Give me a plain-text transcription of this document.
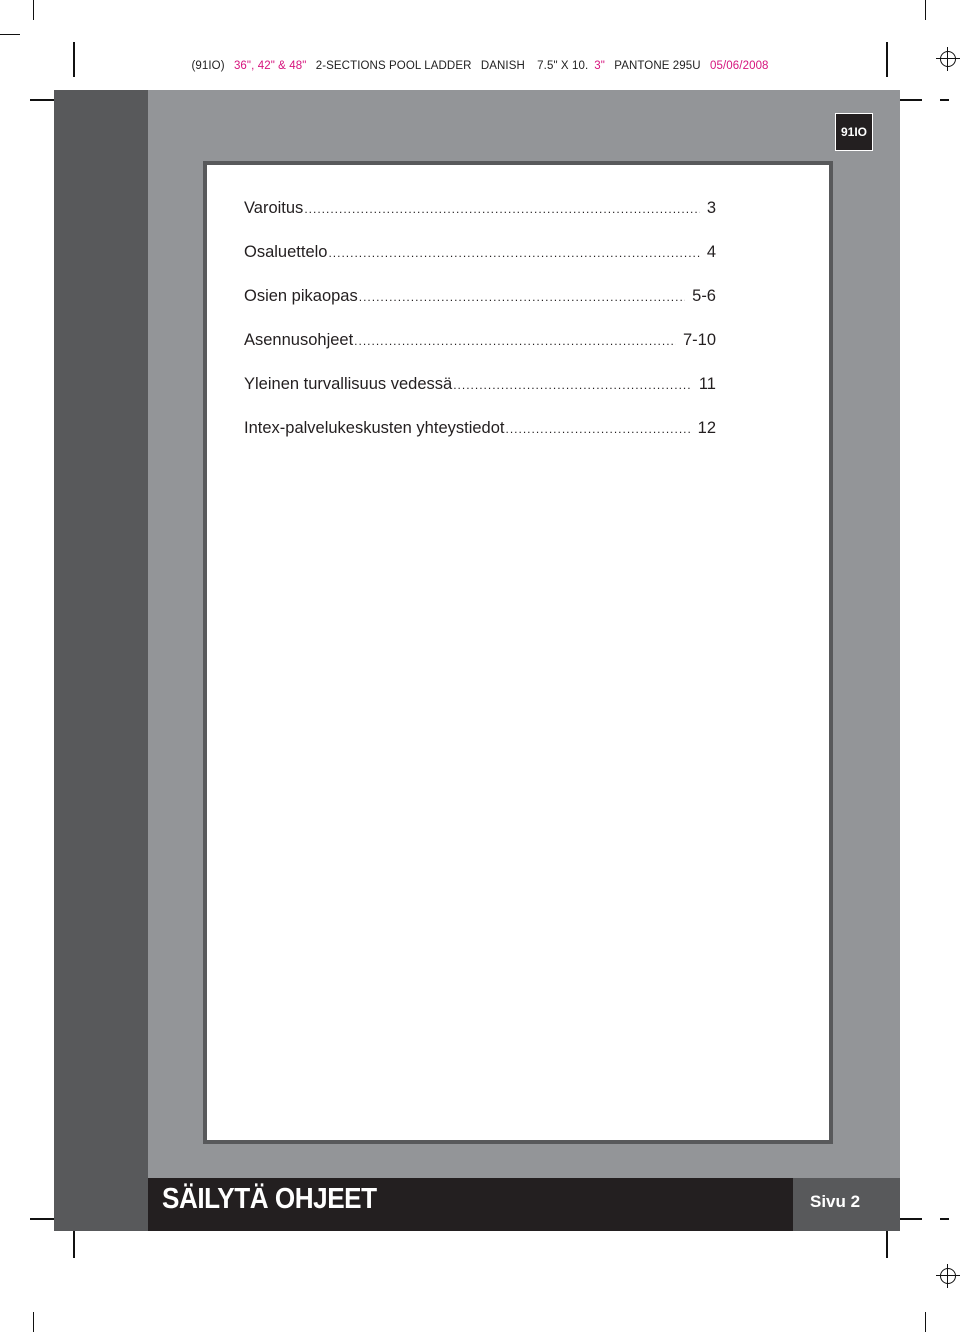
(91IO) 36", 42" & 48" 2-SECTIONS POOL LADDER DANISH 7.5" X 10. 3" PANTONE 295U 05/06/2008
91IO
Varoitus .....	3
Osaluettelo .....	4
Osien pikaopas .....	5-6
Asennusohjeet .....	7-10
Yleinen turvallisuus vedessä .....	11
Intex-palvelukeskusten yhteystiedot .....	12
SÄILYTÄ OHJEET	Sivu 2
